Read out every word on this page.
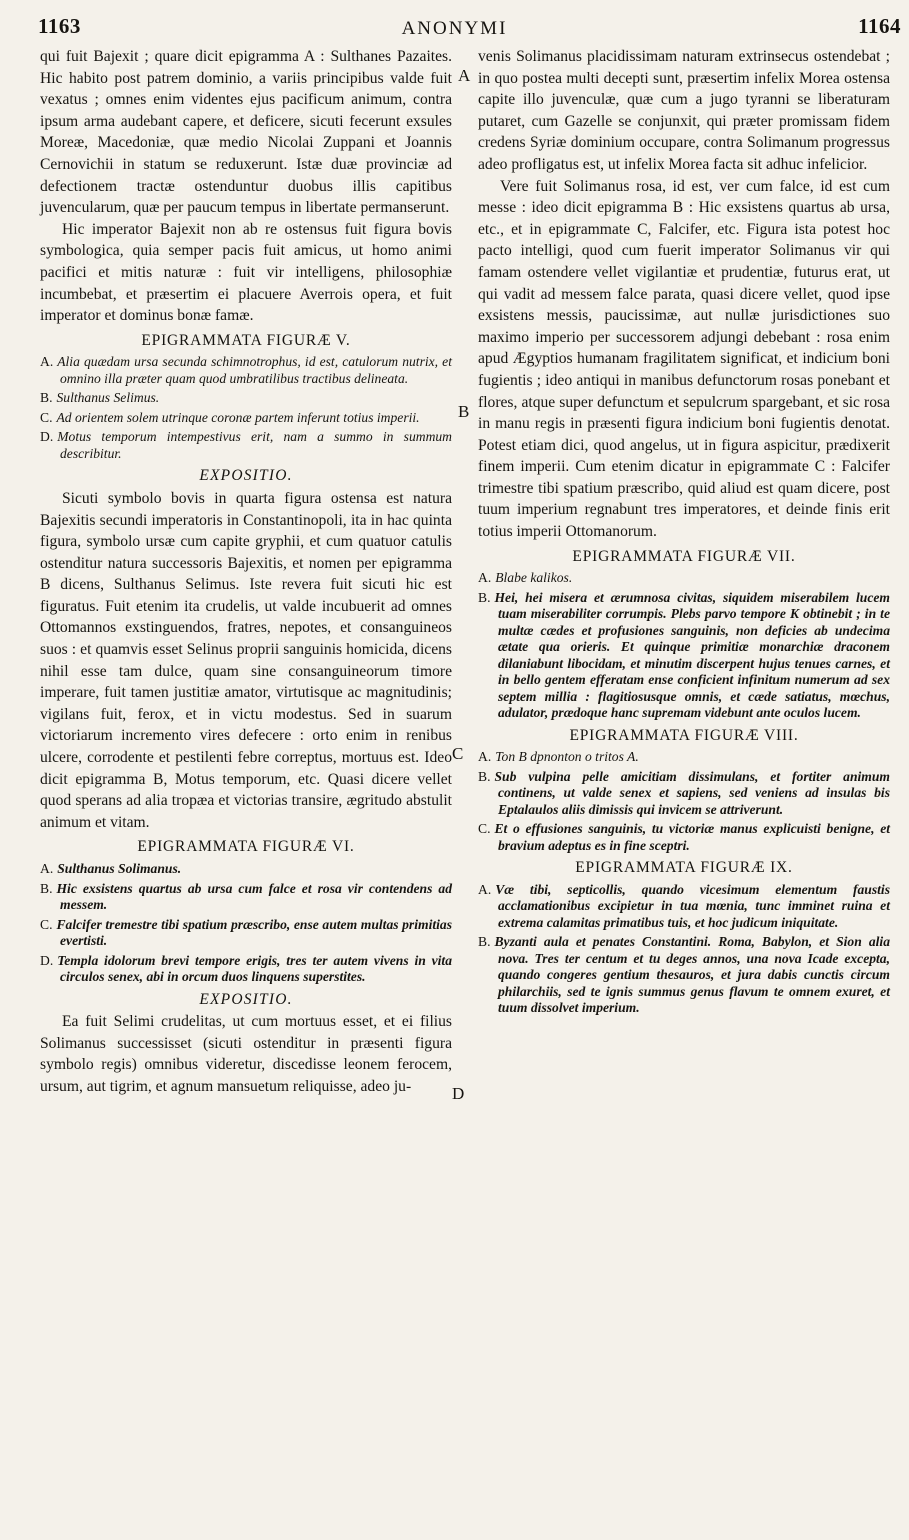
1163	ANONYMI	1164
A
B
C
D

qui fuit Bajexit ; quare dicit epigramma A : Sulthanes Pazaites. Hic habito post patrem dominio, a variis principibus valde fuit vexatus ; omnes enim videntes ejus pacificum animum, contra ipsum arma audebant capere, et deficere, sicuti fecerunt exsules Moreæ, Macedoniæ, quæ medio Nicolai Zuppani et Joannis Cernovichii in statum se reduxerunt. Istæ duæ provinciæ ad defectionem tractæ ostenduntur duobus illis capitibus juvencularum, quæ per paucum tempus in libertate permanserunt.

Hic imperator Bajexit non ab re ostensus fuit figura bovis symbologica, quia semper pacis fuit amicus, ut homo animi pacifici et mitis naturæ : fuit vir intelligens, philosophiæ incumbebat, et præsertim ei placuere Averrois opera, et fuit imperator et dominus bonæ famæ.

EPIGRAMMATA FIGURÆ V.
A. Alia quædam ursa secunda schimnotrophus, id est, catulorum nutrix, et omnino illa præter quam quod umbratilibus tractibus delineata.
B. Sulthanus Selimus.
C. Ad orientem solem utrinque coronæ partem inferunt totius imperii.
D. Motus temporum intempestivus erit, nam a summo in summum describitur.
EXPOSITIO.

Sicuti symbolo bovis in quarta figura ostensa est natura Bajexitis secundi imperatoris in Constantinopoli, ita in hac quinta figura, symbolo ursæ cum capite gryphii, et cum quatuor catulis ostenditur natura successoris Bajexitis, et nomen per epigramma B dicens, Sulthanus Selimus. Iste revera fuit sicuti hic est figuratus. Fuit etenim ita crudelis, ut valde incubuerit ad omnes Ottomannos exstinguendos, fratres, nepotes, et consanguineos suos : et quamvis esset Selinus proprii sanguinis homicida, dicens nihil esse tam dulce, quam sine consanguineorum timore imperare, fuit tamen justitiæ amator, virtutisque ac magnitudinis; vigilans fuit, ferox, et in victu modestus. Sed in suarum victoriarum incremento vires defecere : orto enim in renibus ulcere, corrodente et pestilenti febre correptus, mortuus est. Ideo dicit epigramma B, Motus temporum, etc. Quasi dicere vellet quod sperans ad alia tropæa et victorias transire, ægritudo abstulit animum et vitam.

EPIGRAMMATA FIGURÆ VI.
A. Sulthanus Solimanus.
B. Hic exsistens quartus ab ursa cum falce et rosa vir contendens ad messem.
C. Falcifer tremestre tibi spatium præscribo, ense autem multas primitias evertisti.
D. Templa idolorum brevi tempore erigis, tres ter autem vivens in vita circulos senex, abi in orcum duos linquens superstites.
EXPOSITIO.

Ea fuit Selimi crudelitas, ut cum mortuus esset, et ei filius Solimanus successisset (sicuti ostenditur in præsenti figura symbolo regis) omnibus videretur, discedisse leonem ferocem, ursum, aut tigrim, et agnum mansuetum reliquisse, adeo ju-

venis Solimanus placidissimam naturam extrinsecus ostendebat ; in quo postea multi decepti sunt, præsertim infelix Morea ostensa capite illo juvenculæ, quæ cum a jugo tyranni se liberaturam putaret, cum Gazelle se conjunxit, qui præter promissam fidem credens Syriæ dominium occupare, contra Solimanum progressus adeo profligatus est, ut infelix Morea facta sit adhuc infelicior.

Vere fuit Solimanus rosa, id est, ver cum falce, id est cum messe : ideo dicit epigramma B : Hic exsistens quartus ab ursa, etc., et in epigrammate C, Falcifer, etc. Figura ista potest hoc pacto intelligi, quod cum fuerit imperator Solimanus vir qui famam ostendere vellet vigilantiæ et prudentiæ, futurus erat, ut qui vadit ad messem falce parata, quasi dicere vellet, quod ipse exsistens messis, paucissimæ, aut nullæ jurisdictiones suo maximo imperio per successorem adjungi debebant : rosa enim apud Ægyptios humanam fragilitatem significat, et indicium boni fugientis ; ideo antiqui in manibus defunctorum rosas ponebant et flores, atque super defunctum et sepulcrum spargebant, et sic rosa in manu regis in præsenti figura indicium boni fugientis denotat. Potest etiam dici, quod angelus, ut in figura aspicitur, prædixerit finem imperii. Cum etenim dicatur in epigrammate C : Falcifer trimestre tibi spatium præscribo, quid aliud est quam dicere, post tuum imperium regnabunt tres imperatores, et deinde finis erit totius imperii Ottomanorum.

EPIGRAMMATA FIGURÆ VII.
A. Blabe kalikos.
B. Hei, hei misera et ærumnosa civitas, siquidem miserabilem lucem tuam miserabiliter corrumpis. Plebs parvo tempore K obtinebit ; in te multæ cædes et profusiones sanguinis, non deficies ab undecima ætate qua orieris. Et quinque primitiæ monarchiæ draconem dilaniabunt libocidam, et minutim discerpent hujus tenues carnes, et in bello gentem efferatam ense conficient infinitum numerum ad sex septem millia : flagitiosusque omnis, et cæde satiatus, mœchus, adulator, prædoque hanc supremam videbunt ante oculos lucem.
EPIGRAMMATA FIGURÆ VIII.
A. Ton B dpnonton o tritos A.
B. Sub vulpina pelle amicitiam dissimulans, et fortiter animum continens, ut valde senex et sapiens, sed veniens ad insulas bis Eptalaulos aliis dimissis qui invicem se attriverunt.
C. Et o effusiones sanguinis, tu victoriæ manus explicuisti benigne, et bravium adeptus es in fine sceptri.
EPIGRAMMATA FIGURÆ IX.
A. Væ tibi, septicollis, quando vicesimum elementum faustis acclamationibus excipietur in tua mœnia, tunc imminet ruina et extrema calamitas primatibus tuis, et hoc judicum iniquitate.
B. Byzanti aula et penates Constantini. Roma, Babylon, et Sion alia nova. Tres ter centum et tu deges annos, una nova Icade excepta, quando congeres gentium thesauros, et jura dabis cunctis circum philarchiis, sed te ignis summus genus flavum te omnem exuret, et tuum dissolvet imperium.
